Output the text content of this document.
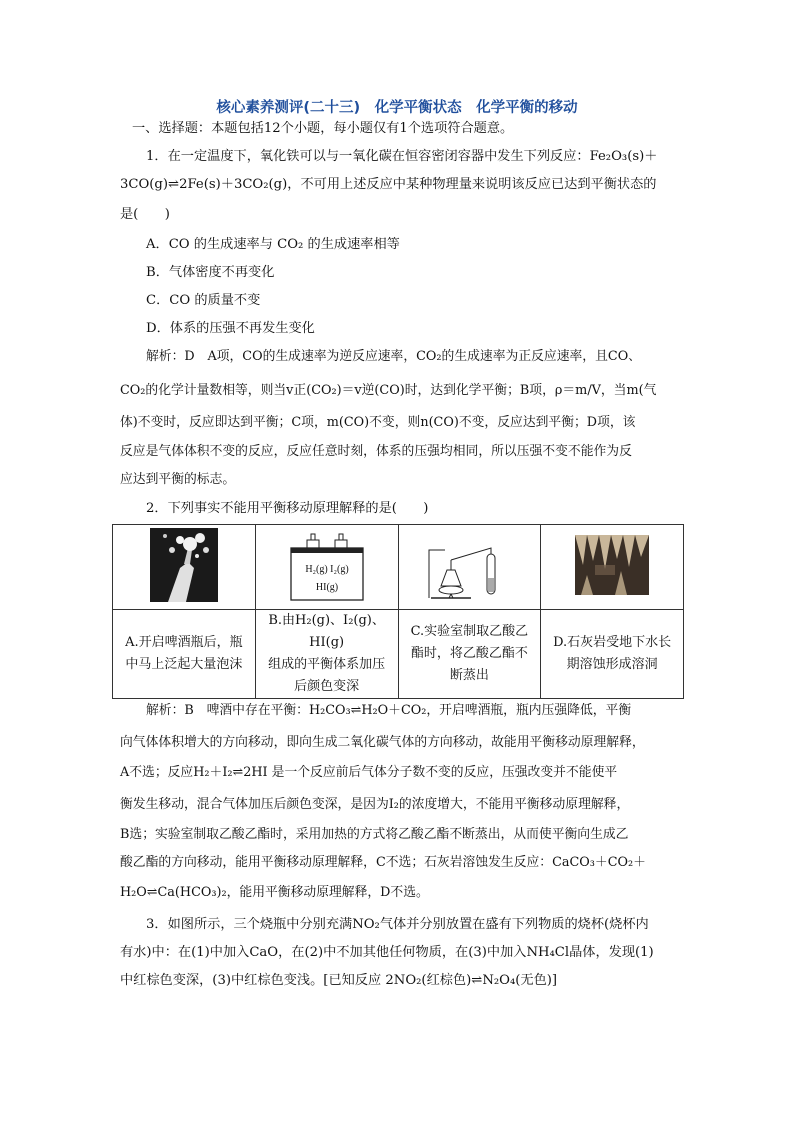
核心素养测评(二十三)　化学平衡状态　化学平衡的移动
一、选择题：本题包括12个小题，每小题仅有1个选项符合题意。
1．在一定温度下，氧化铁可以与一氧化碳在恒容密闭容器中发生下列反应：Fe₂O₃(s)＋
3CO(g)⇌2Fe(s)＋3CO₂(g)，不可用上述反应中某种物理量来说明该反应已达到平衡状态的
是(　　)
A．CO 的生成速率与 CO₂ 的生成速率相等
B．气体密度不再变化
C．CO 的质量不变
D．体系的压强不再发生变化
解析：D　A项，CO的生成速率为逆反应速率，CO₂的生成速率为正反应速率，且CO、
CO₂的化学计量数相等，则当v正(CO₂)＝v逆(CO)时，达到化学平衡；B项，ρ＝m/V，当m(气
体)不变时，反应即达到平衡；C项，m(CO)不变，则n(CO)不变，反应达到平衡；D项，该
反应是气体体积不变的反应，反应任意时刻，体系的压强均相同，所以压强不变不能作为反
应达到平衡的标志。
2．下列事实不能用平衡移动原理解释的是(　　)

H₂(g) I₂(g)
HI(g)

A.开启啤酒瓶后，瓶
中马上泛起大量泡沫	B.由H₂(g)、I₂(g)、HI(g)
组成的平衡体系加压
后颜色变深	C.实验室制取乙酸乙
酯时，将乙酸乙酯不
断蒸出	D.石灰岩受地下水长
期溶蚀形成溶洞
解析：B　啤酒中存在平衡：H₂CO₃⇌H₂O＋CO₂，开启啤酒瓶，瓶内压强降低，平衡
向气体体积增大的方向移动，即向生成二氧化碳气体的方向移动，故能用平衡移动原理解释，
A不选；反应H₂＋I₂⇌2HI 是一个反应前后气体分子数不变的反应，压强改变并不能使平
衡发生移动，混合气体加压后颜色变深，是因为I₂的浓度增大，不能用平衡移动原理解释，
B选；实验室制取乙酸乙酯时，采用加热的方式将乙酸乙酯不断蒸出，从而使平衡向生成乙
酸乙酯的方向移动，能用平衡移动原理解释，C不选；石灰岩溶蚀发生反应：CaCO₃＋CO₂＋
H₂O⇌Ca(HCO₃)₂，能用平衡移动原理解释，D不选。
3．如图所示，三个烧瓶中分别充满NO₂气体并分别放置在盛有下列物质的烧杯(烧杯内
有水)中：在(1)中加入CaO，在(2)中不加其他任何物质，在(3)中加入NH₄Cl晶体，发现(1)
中红棕色变深，(3)中红棕色变浅。[已知反应 2NO₂(红棕色)⇌N₂O₄(无色)]
